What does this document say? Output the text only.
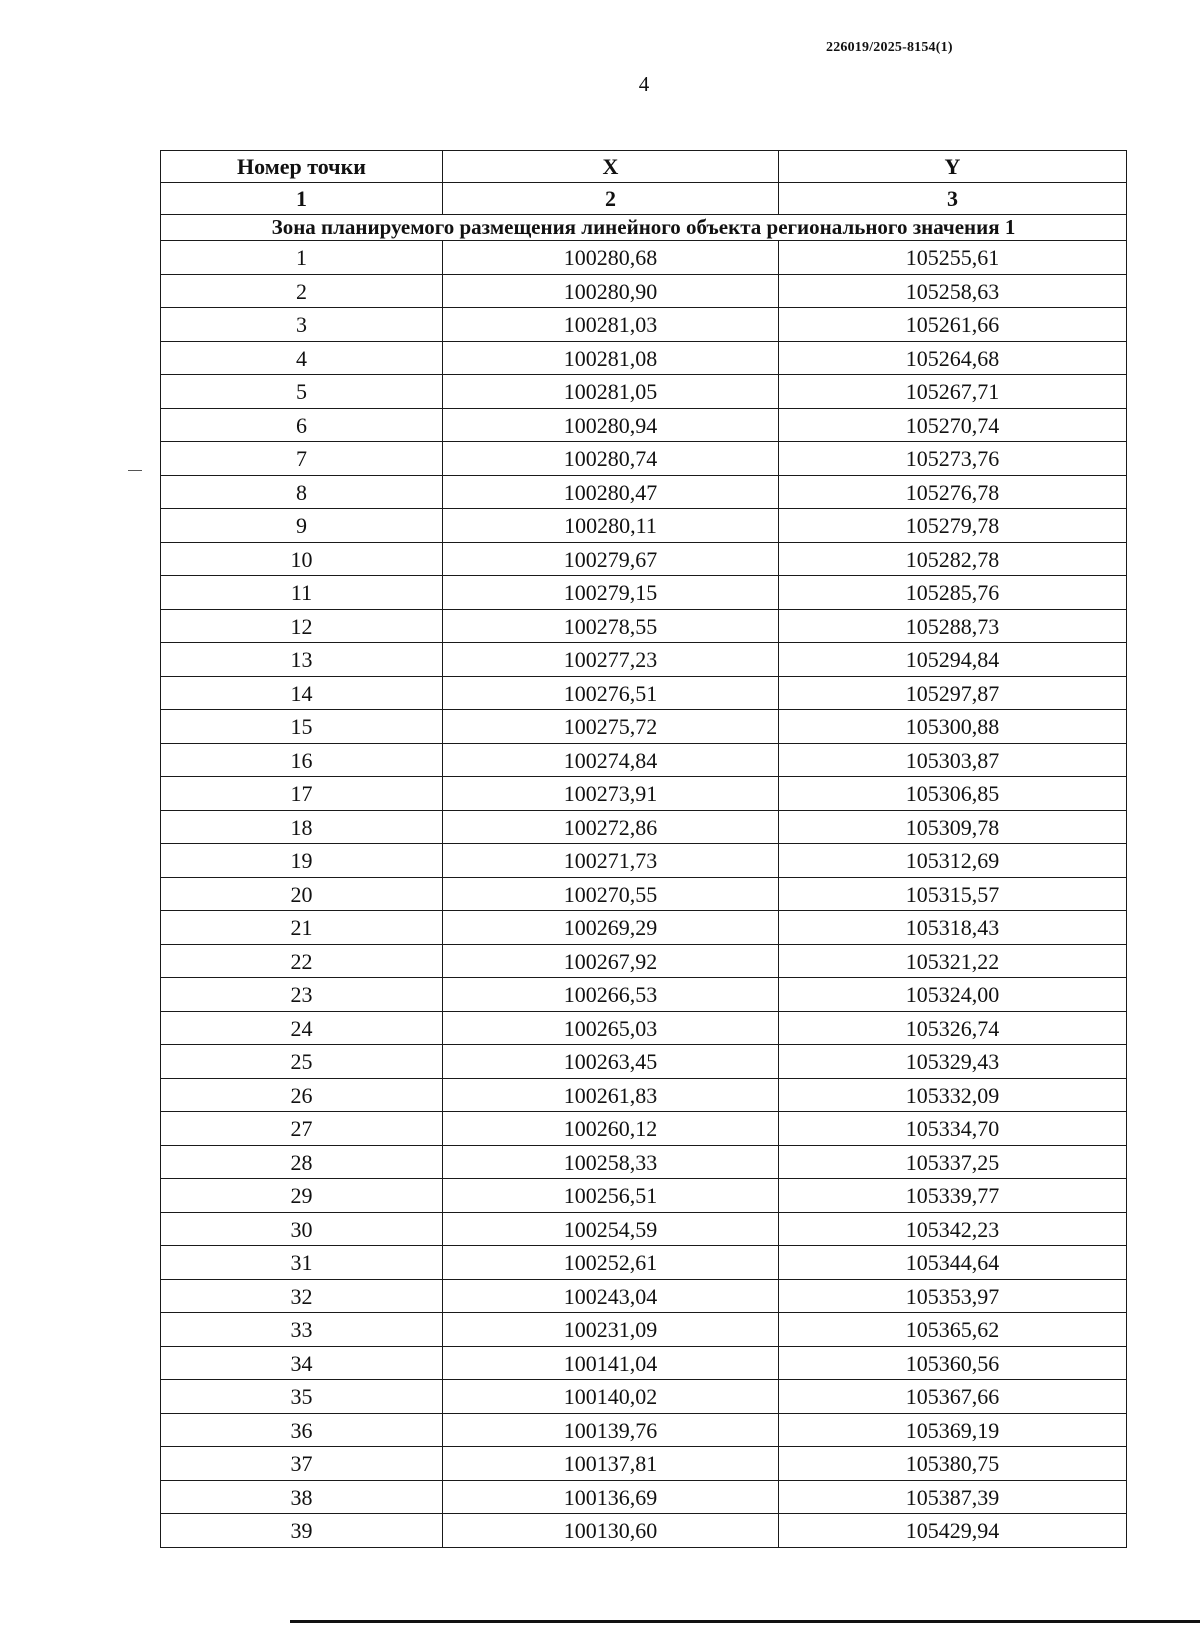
226019/2025-8154(1)
4
Номер точки	X	Y
1	2	3
Зона планируемого размещения линейного объекта регионального значения 1		
1	100280,68	105255,61
2	100280,90	105258,63
3	100281,03	105261,66
4	100281,08	105264,68
5	100281,05	105267,71
6	100280,94	105270,74
7	100280,74	105273,76
8	100280,47	105276,78
9	100280,11	105279,78
10	100279,67	105282,78
11	100279,15	105285,76
12	100278,55	105288,73
13	100277,23	105294,84
14	100276,51	105297,87
15	100275,72	105300,88
16	100274,84	105303,87
17	100273,91	105306,85
18	100272,86	105309,78
19	100271,73	105312,69
20	100270,55	105315,57
21	100269,29	105318,43
22	100267,92	105321,22
23	100266,53	105324,00
24	100265,03	105326,74
25	100263,45	105329,43
26	100261,83	105332,09
27	100260,12	105334,70
28	100258,33	105337,25
29	100256,51	105339,77
30	100254,59	105342,23
31	100252,61	105344,64
32	100243,04	105353,97
33	100231,09	105365,62
34	100141,04	105360,56
35	100140,02	105367,66
36	100139,76	105369,19
37	100137,81	105380,75
38	100136,69	105387,39
39	100130,60	105429,94
